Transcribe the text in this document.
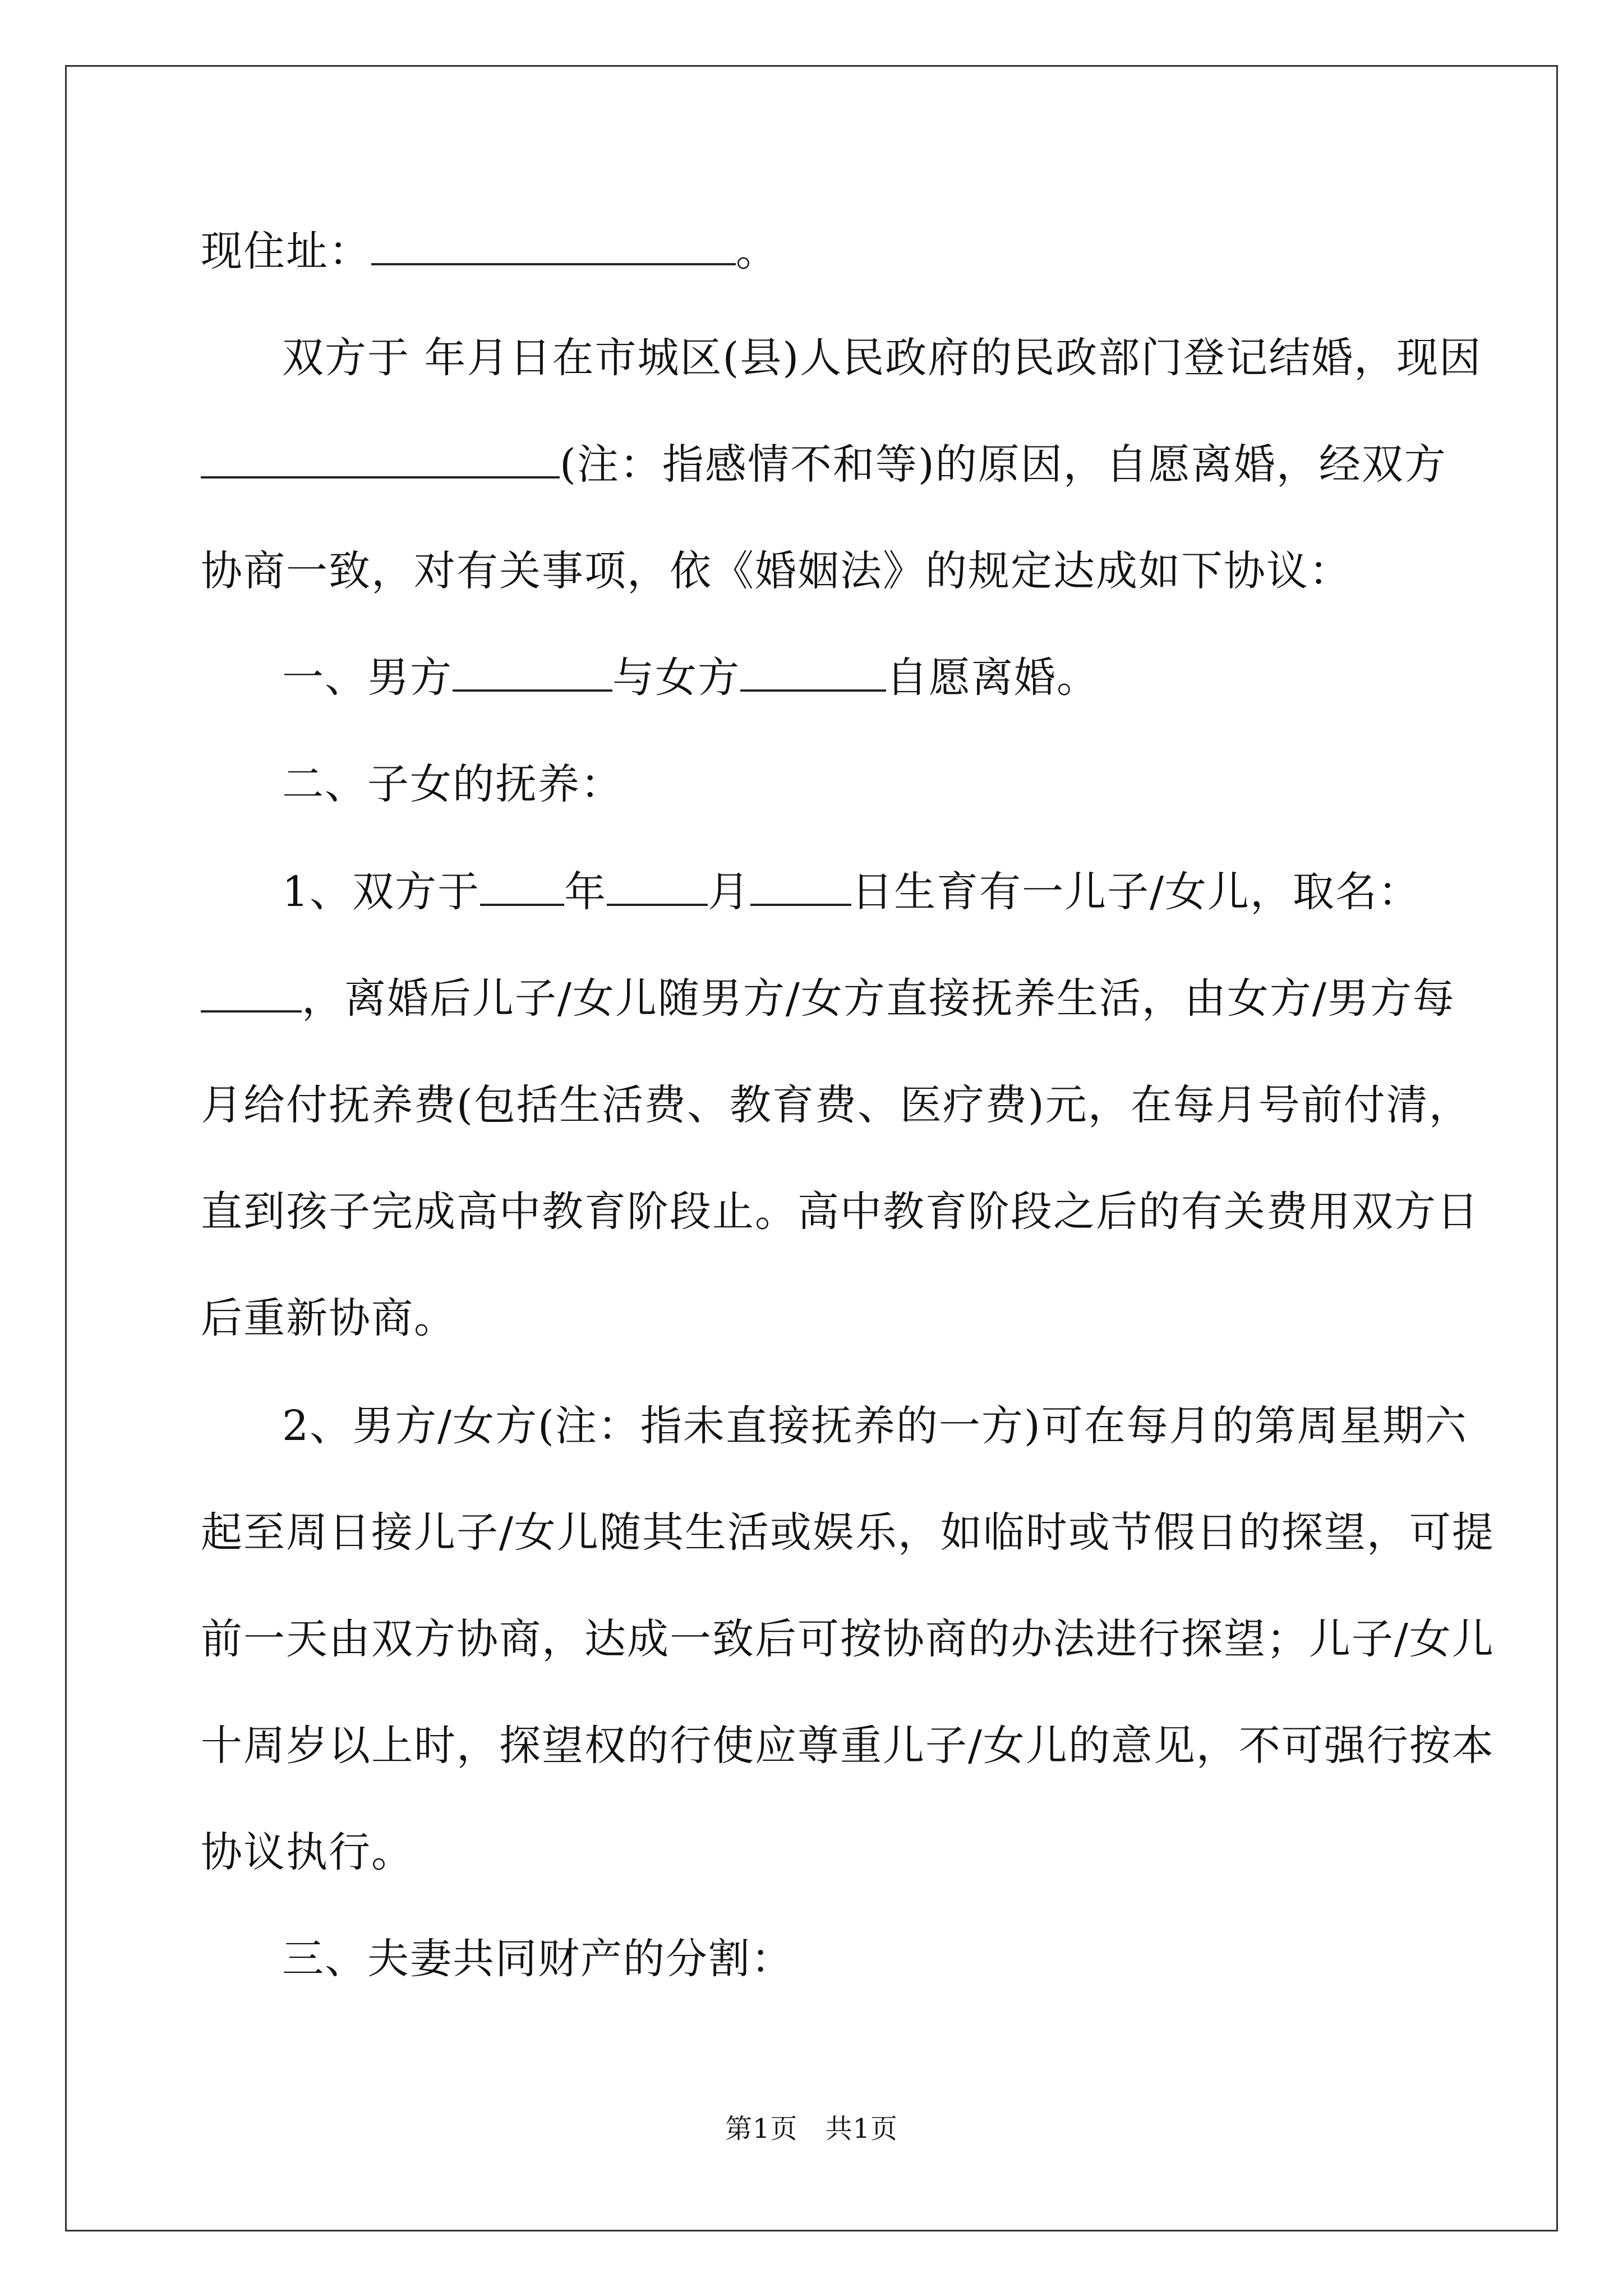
现住址：	。
双方于 年月日在市城区(县)人民政府的民政部门登记结婚，现因
(注：指感情不和等)的原因，自愿离婚，经双方
协商一致，对有关事项，依《婚姻法》的规定达成如下协议：
一、男方	与女方	自愿离婚。
二、子女的抚养：
1、双方于 年 月 日生育有一儿子/女儿，取名：
，离婚后儿子/女儿随男方/女方直接抚养生活，由女方/男方每
月给付抚养费(包括生活费、教育费、医疗费)元，在每月号前付清，
直到孩子完成高中教育阶段止。高中教育阶段之后的有关费用双方日
后重新协商。
2、男方/女方(注：指未直接抚养的一方)可在每月的第周星期六
起至周日接儿子/女儿随其生活或娱乐，如临时或节假日的探望，可提
前一天由双方协商，达成一致后可按协商的办法进行探望；儿子/女儿
十周岁以上时，探望权的行使应尊重儿子/女儿的意见，不可强行按本
协议执行。
三、夫妻共同财产的分割：
第1页　共1页
